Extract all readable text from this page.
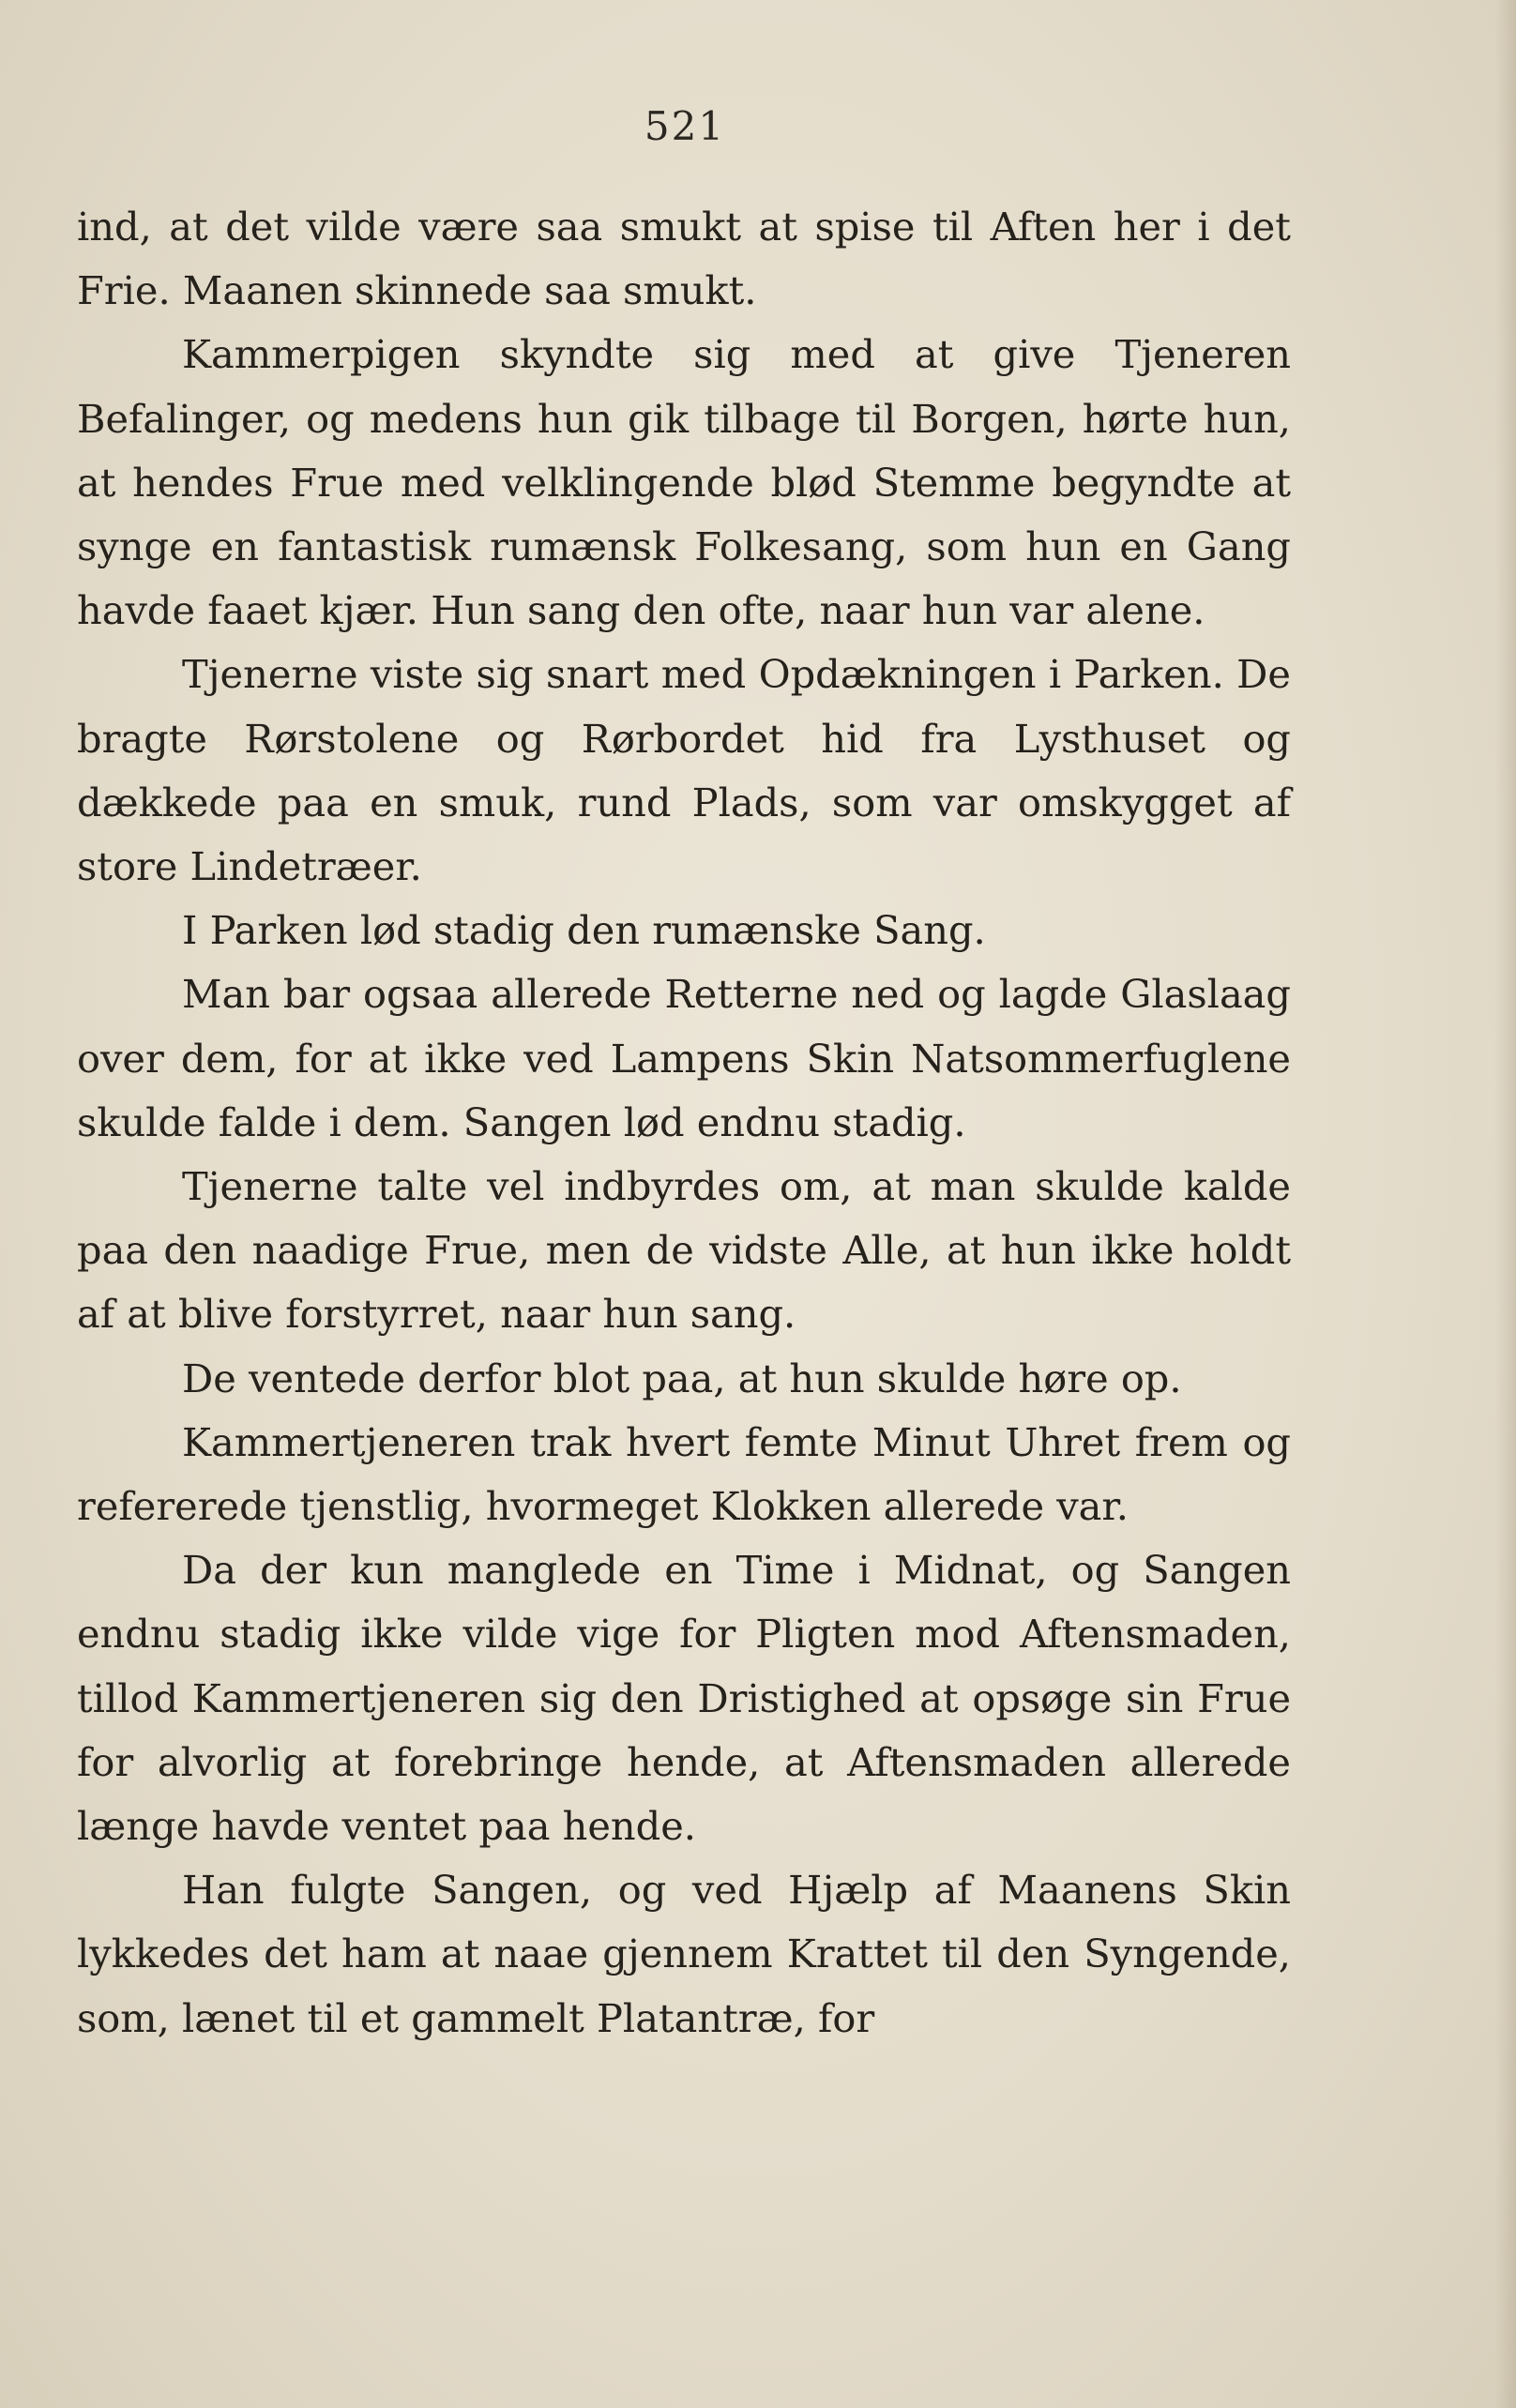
521

ind, at det vilde være saa smukt at spise til Aften her i det Frie. Maanen skinnede saa smukt.

Kammerpigen skyndte sig med at give Tjeneren Befalinger, og medens hun gik tilbage til Borgen, hørte hun, at hendes Frue med velklingende blød Stemme begyndte at synge en fantastisk rumænsk Folkesang, som hun en Gang havde faaet kjær. Hun sang den ofte, naar hun var alene.

Tjenerne viste sig snart med Opdækningen i Parken. De bragte Rørstolene og Rørbordet hid fra Lysthuset og dækkede paa en smuk, rund Plads, som var omskygget af store Lindetræer.

I Parken lød stadig den rumænske Sang.

Man bar ogsaa allerede Retterne ned og lagde Glaslaag over dem, for at ikke ved Lampens Skin Natsommerfuglene skulde falde i dem. Sangen lød endnu stadig.

Tjenerne talte vel indbyrdes om, at man skulde kalde paa den naadige Frue, men de vidste Alle, at hun ikke holdt af at blive forstyrret, naar hun sang.

De ventede derfor blot paa, at hun skulde høre op.

Kammertjeneren trak hvert femte Minut Uhret frem og refererede tjenstlig, hvormeget Klokken allerede var.

Da der kun manglede en Time i Midnat, og Sangen endnu stadig ikke vilde vige for Pligten mod Aftensmaden, tillod Kammertjeneren sig den Dristighed at opsøge sin Frue for alvorlig at forebringe hende, at Aftensmaden allerede længe havde ventet paa hende.

Han fulgte Sangen, og ved Hjælp af Maanens Skin lykkedes det ham at naae gjennem Krattet til den Syngende, som, lænet til et gammelt Platantræ, for
